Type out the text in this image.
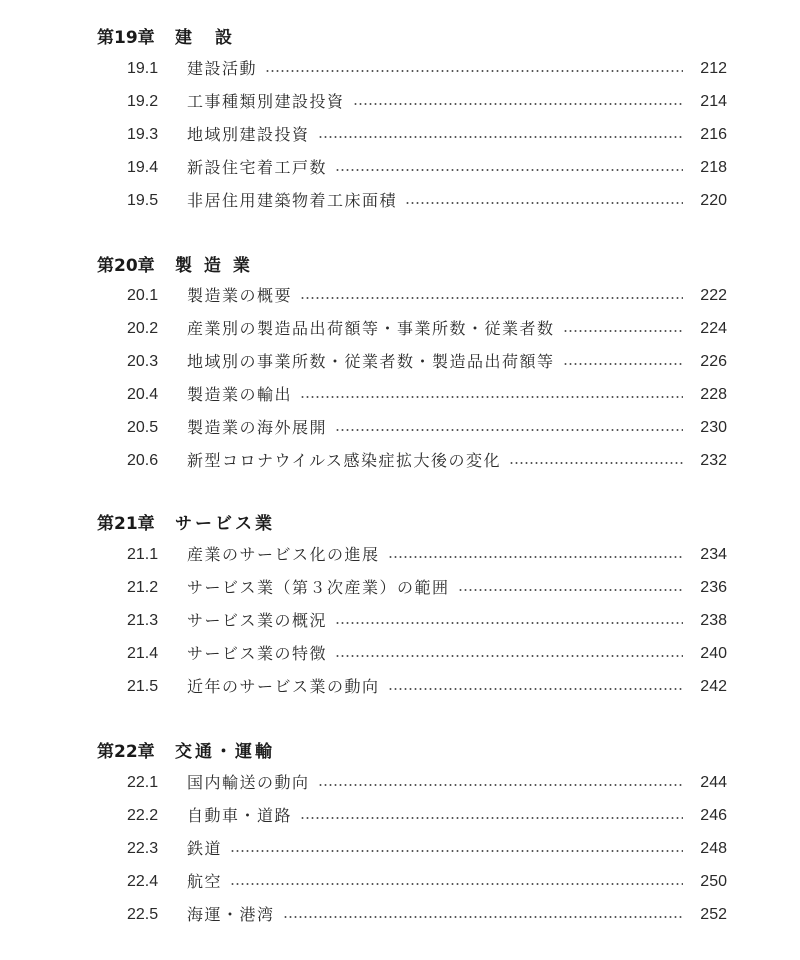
第19章 建　設
19.1	建設活動	212
19.2	工事種類別建設投資	214
19.3	地域別建設投資	216
19.4	新設住宅着工戸数	218
19.5	非居住用建築物着工床面積	220
第20章 製 造 業
20.1	製造業の概要	222
20.2	産業別の製造品出荷額等・事業所数・従業者数	224
20.3	地域別の事業所数・従業者数・製造品出荷額等	226
20.4	製造業の輸出	228
20.5	製造業の海外展開	230
20.6	新型コロナウイルス感染症拡大後の変化	232
第21章 サービス業
21.1	産業のサービス化の進展	234
21.2	サービス業（第３次産業）の範囲	236
21.3	サービス業の概況	238
21.4	サービス業の特徴	240
21.5	近年のサービス業の動向	242
第22章 交通・運輸
22.1	国内輸送の動向	244
22.2	自動車・道路	246
22.3	鉄道	248
22.4	航空	250
22.5	海運・港湾	252
